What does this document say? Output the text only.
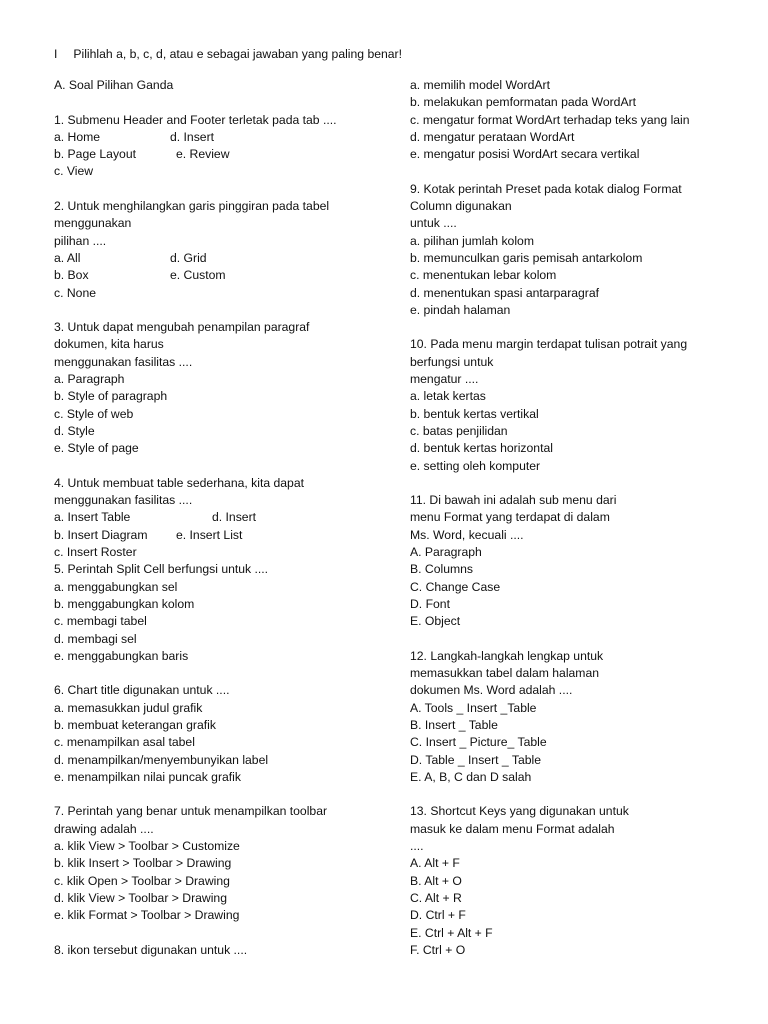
I Pilihlah a, b, c, d, atau e sebagai jawaban yang paling benar!
A. Soal Pilihan Ganda
1. Submenu Header and Footer terletak pada tab ....
a. Home	d. Insert
b. Page Layout	e. Review
c. View
2. Untuk menghilangkan garis pinggiran pada tabel
menggunakan
pilihan ....
a. All	d. Grid
b. Box	e. Custom
c. None
3. Untuk dapat mengubah penampilan paragraf
dokumen, kita harus
menggunakan fasilitas ....
a. Paragraph
b. Style of paragraph
c. Style of web
d. Style
e. Style of page
4. Untuk membuat table sederhana, kita dapat
menggunakan fasilitas ....
a. Insert Table	d. Insert
b. Insert Diagram e. Insert List
c. Insert Roster
5. Perintah Split Cell berfungsi untuk ....
a. menggabungkan sel
b. menggabungkan kolom
c. membagi tabel
d. membagi sel
e. menggabungkan baris
6. Chart title digunakan untuk ....
a. memasukkan judul grafik
b. membuat keterangan grafik
c. menampilkan asal tabel
d. menampilkan/menyembunyikan label
e. menampilkan nilai puncak grafik
7. Perintah yang benar untuk menampilkan toolbar
drawing adalah ....
a. klik View > Toolbar > Customize
b. klik Insert > Toolbar > Drawing
c. klik Open > Toolbar > Drawing
d. klik View > Toolbar > Drawing
e. klik Format > Toolbar > Drawing
8. ikon tersebut digunakan untuk ....
a. memilih model WordArt
b. melakukan pemformatan pada WordArt
c. mengatur format WordArt terhadap teks yang lain
d. mengatur perataan WordArt
e. mengatur posisi WordArt secara vertikal
9. Kotak perintah Preset pada kotak dialog Format
Column digunakan
untuk ....
a. pilihan jumlah kolom
b. memunculkan garis pemisah antarkolom
c. menentukan lebar kolom
d. menentukan spasi antarparagraf
e. pindah halaman
10. Pada menu margin terdapat tulisan potrait yang
berfungsi untuk
mengatur ....
a. letak kertas
b. bentuk kertas vertikal
c. batas penjilidan
d. bentuk kertas horizontal
e. setting oleh komputer
11. Di bawah ini adalah sub menu dari
menu Format yang terdapat di dalam
Ms. Word, kecuali ....
A. Paragraph
B. Columns
C. Change Case
D. Font
E. Object
12. Langkah-langkah lengkap untuk
memasukkan tabel dalam halaman
dokumen Ms. Word adalah ....
A. Tools _ Insert _Table
B. Insert _ Table
C. Insert _ Picture_ Table
D. Table _ Insert _ Table
E. A, B, C dan D salah
13. Shortcut Keys yang digunakan untuk
masuk ke dalam menu Format adalah
....
A. Alt + F
B. Alt + O
C. Alt + R
D. Ctrl + F
E. Ctrl + Alt + F
F. Ctrl + O
